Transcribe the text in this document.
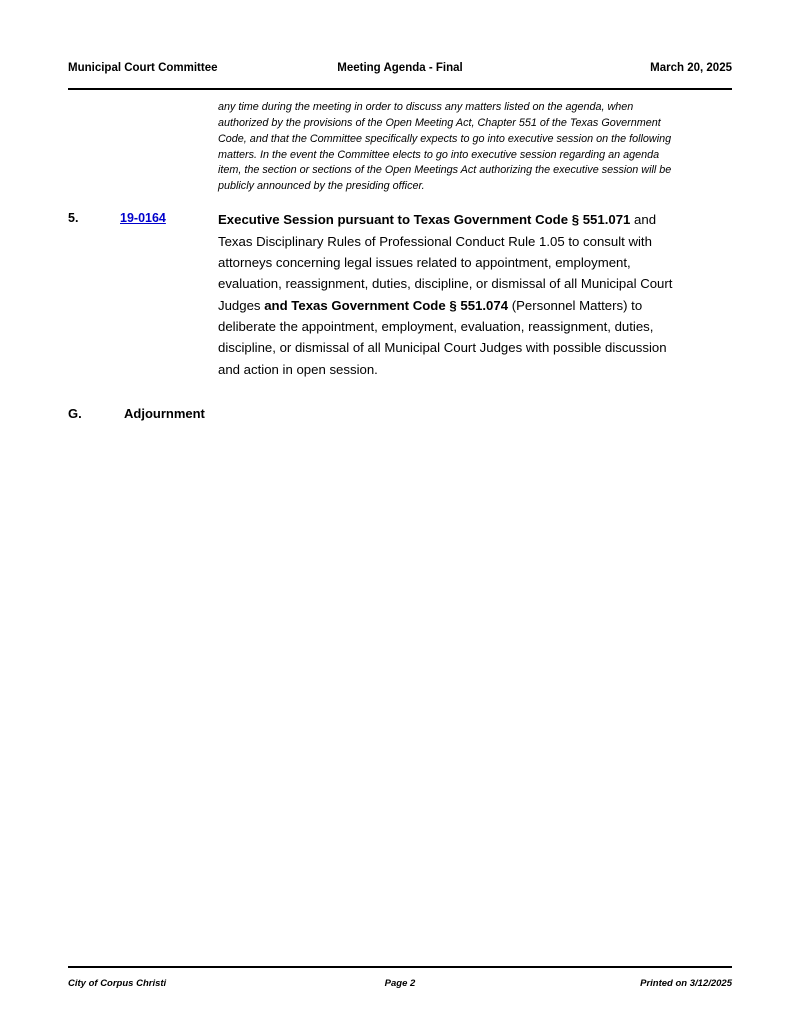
Municipal Court Committee	Meeting Agenda - Final	March 20, 2025
any time during the meeting in order to discuss any matters listed on the agenda, when authorized by the provisions of the Open Meeting Act, Chapter 551 of the Texas Government Code, and that the Committee specifically expects to go into executive session on the following matters. In the event the Committee elects to go into executive session regarding an agenda item, the section or sections of the Open Meetings Act authorizing the executive session will be publicly announced by the presiding officer.
5.	19-0164	Executive Session pursuant to Texas Government Code § 551.071 and Texas Disciplinary Rules of Professional Conduct Rule 1.05 to consult with attorneys concerning legal issues related to appointment, employment, evaluation, reassignment, duties, discipline, or dismissal of all Municipal Court Judges and Texas Government Code § 551.074 (Personnel Matters) to deliberate the appointment, employment, evaluation, reassignment, duties, discipline, or dismissal of all Municipal Court Judges with possible discussion and action in open session.
G.	Adjournment
City of Corpus Christi	Page 2	Printed on 3/12/2025
